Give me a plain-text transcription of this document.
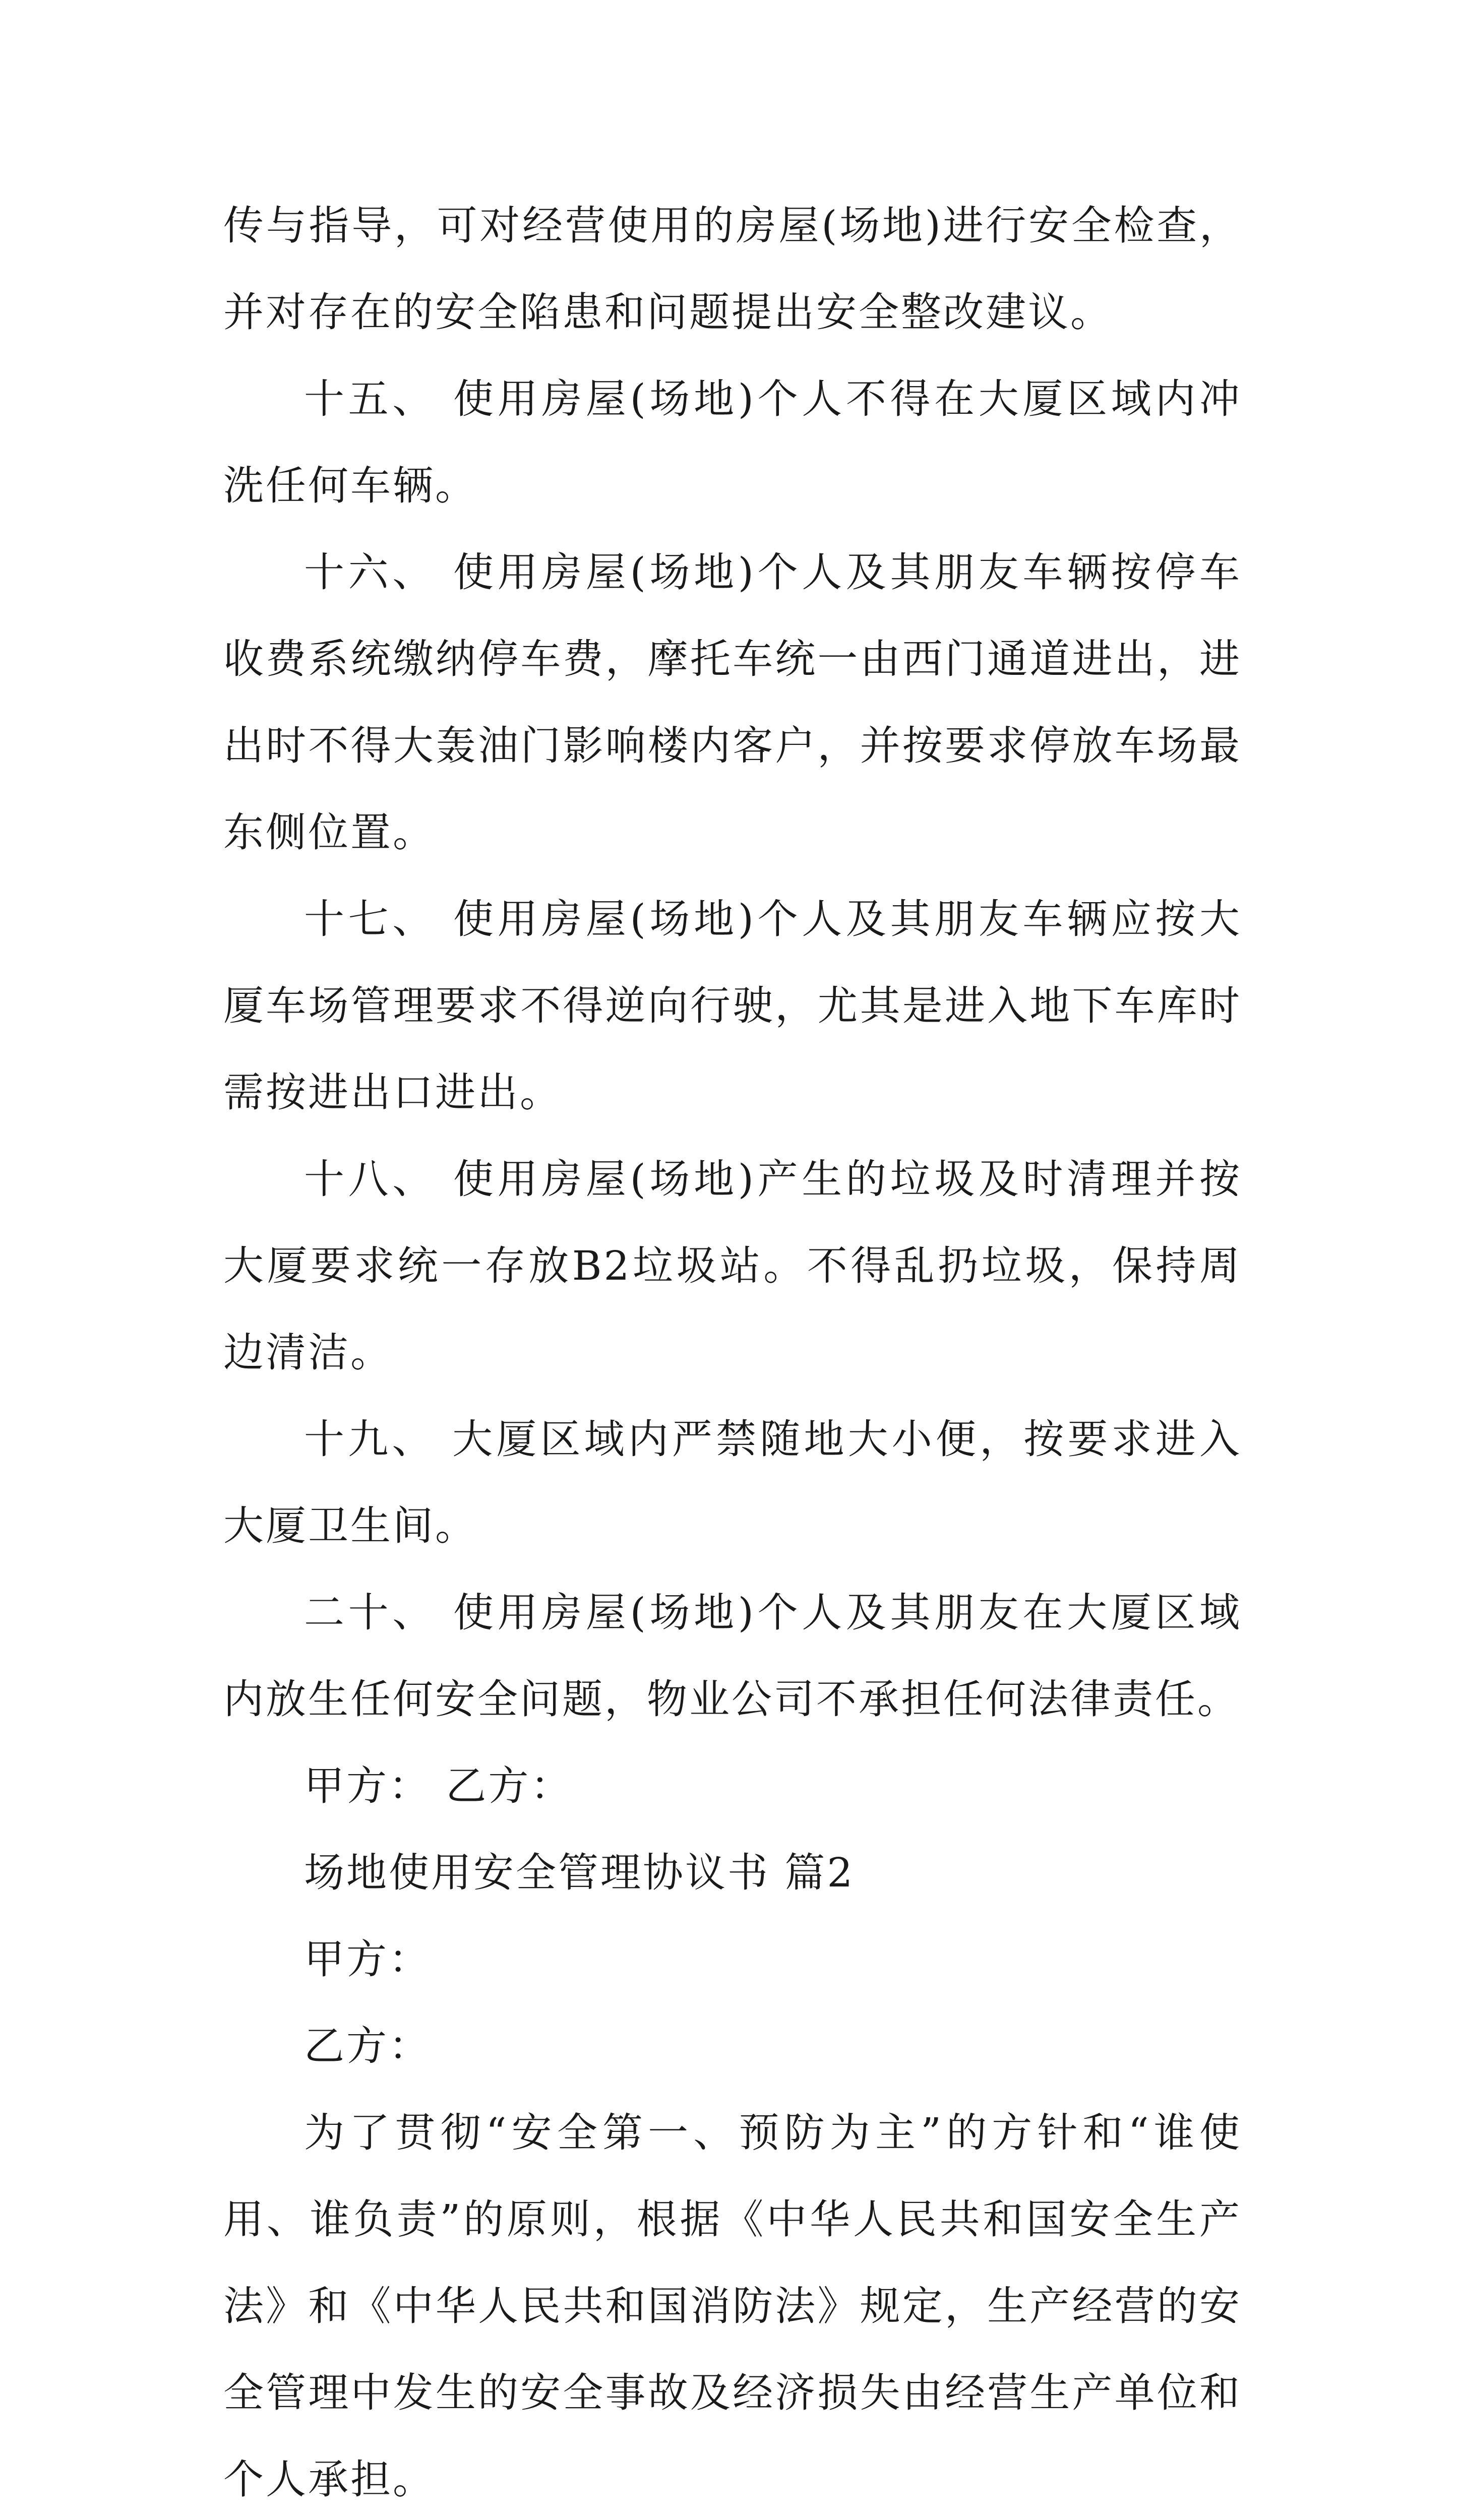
传与指导，可对经营使用的房屋(场地)进行安全检查，并对存在的安全陷患和问题提出安全整改建议。

十五、 使用房屋(场地)个人不得在大厦区域内冲洗任何车辆。

十六、 使用房屋(场地)个人及其朋友车辆按停车收费系统缴纳停车费，摩托车统一由西门通道进出，进出时不得大轰油门影响楼内客户，并按要求停放车场最东侧位置。

十七、 使用房屋(场地)个人及其朋友车辆应按大厦车场管理要求不得逆向行驶，尤其是进入地下车库时需按进出口进出。

十八、 使用房屋(场地)产生的垃圾及时清理并按大厦要求统一存放B2垃圾站。不得乱扔垃圾，保持周边清洁。

十九、 大厦区域内严禁随地大小便，按要求进入大厦卫生间。

二十、 使用房屋(场地)个人及其朋友在大厦区域内放生任何安全问题，物业公司不承担任何法律责任。

甲方： 乙方：

场地使用安全管理协议书 篇2

甲方：

乙方：

为了贯彻“安全第一、预防为主”的方针和“谁使用、谁负责”的原则，根据《中华人民共和国安全生产法》和《中华人民共和国消防法》规定，生产经营的安全管理中发生的安全事故及经济损失由经营生产单位和个人承担。
